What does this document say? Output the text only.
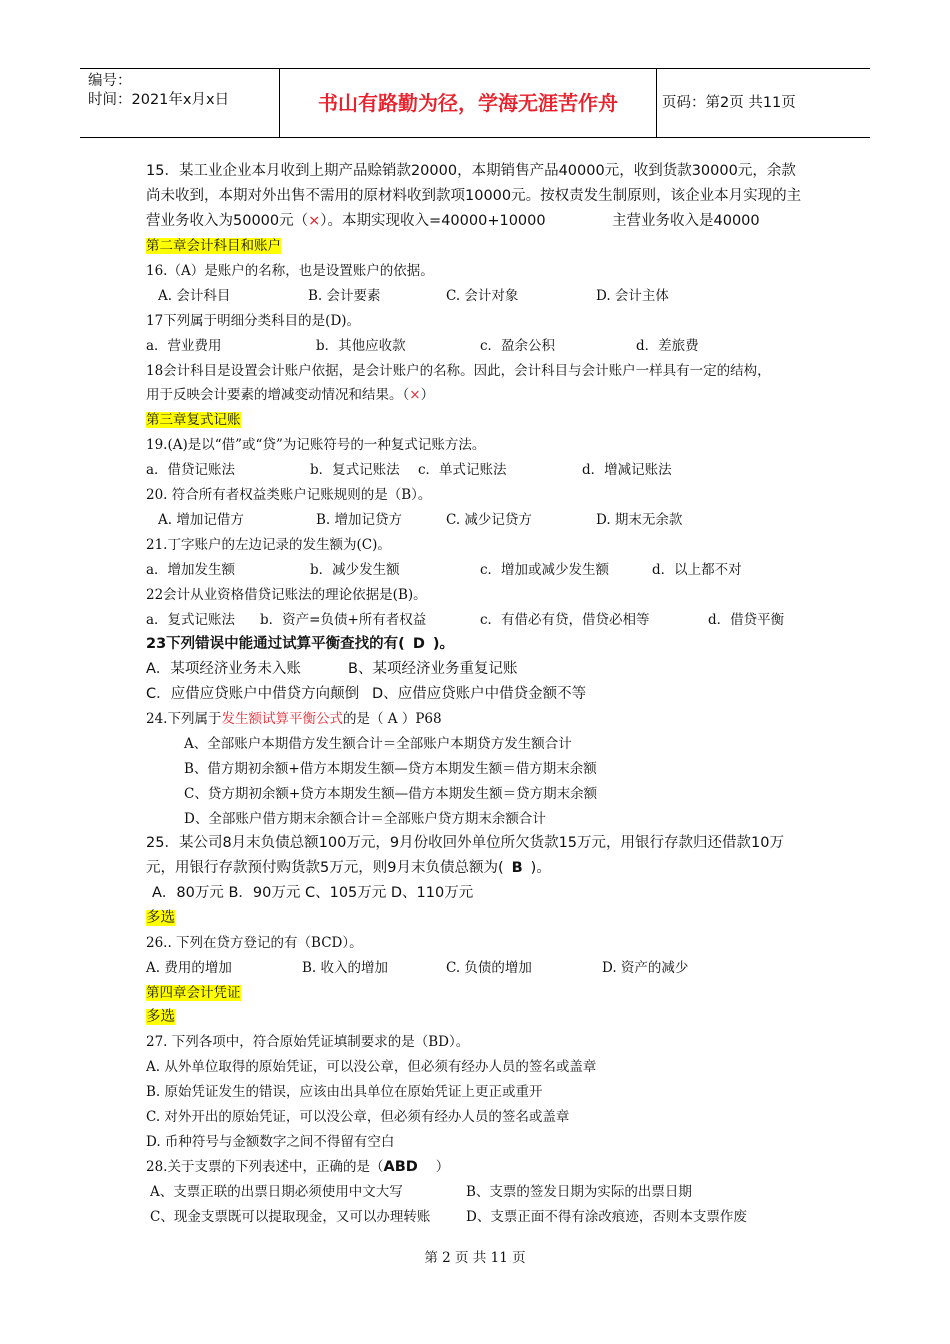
编号：
时间：2021年x月x日	书山有路勤为径，学海无涯苦作舟	页码：第2页 共11页
15．某工业企业本月收到上期产品赊销款20000，本期销售产品40000元，收到货款30000元，余款
尚未收到，本期对外出售不需用的原材料收到款项10000元。按权责发生制原则，该企业本月实现的主
营业务收入为50000元（×）。本期实现收入=40000+10000	主营业务收入是40000
第二章会计科目和账户
16.（A）是账户的名称，也是设置账户的依据。
A. 会计科目	B. 会计要素	C. 会计对象	D. 会计主体
17下列属于明细分类科目的是(D)。
a．营业费用	b．其他应收款	c．盈余公积	d．差旅费
18会计科目是设置会计账户依据，是会计账户的名称。因此，会计科目与会计账户一样具有一定的结构，
用于反映会计要素的增减变动情况和结果。（×）
第三章复式记账
19.(A)是以“借”或“贷”为记账符号的一种复式记账方法。
a．借贷记账法	b．复式记账法 c．单式记账法	d．增减记账法
20. 符合所有者权益类账户记账规则的是（B）。
A. 增加记借方	B. 增加记贷方	C. 减少记贷方	D. 期末无余款
21.丁字账户的左边记录的发生额为(C)。
a．增加发生额	b．减少发生额	c．增加或减少发生额	d．以上都不对
22会计从业资格借贷记账法的理论依据是(B)。
a．复式记账法 b．资产=负债+所有者权益	c．有借必有贷，借贷必相等	d．借贷平衡
23下列错误中能通过试算平衡查找的有( D )。
A．某项经济业务未入账	B、某项经济业务重复记账
C．应借应贷账户中借贷方向颠倒 D、应借应贷账户中借贷金额不等
24.下列属于发生额试算平衡公式的是（ A ）P68
A、全部账户本期借方发生额合计＝全部账户本期贷方发生额合计
B、借方期初余额+借方本期发生额—贷方本期发生额＝借方期末余额
C、贷方期初余额+贷方本期发生额—借方本期发生额＝贷方期末余额
D、全部账户借方期末余额合计＝全部账户贷方期末余额合计
25．某公司8月末负债总额100万元，9月份收回外单位所欠货款15万元，用银行存款归还借款10万
元，用银行存款预付购货款5万元，则9月末负债总额为( B )。
A．80万元 B．90万元 C、105万元 D、110万元
多选
26.. 下列在贷方登记的有（BCD）。
A. 费用的增加	B. 收入的增加	C. 负债的增加	D. 资产的减少
第四章会计凭证
多选
27. 下列各项中，符合原始凭证填制要求的是（BD）。
A. 从外单位取得的原始凭证，可以没公章，但必须有经办人员的签名或盖章
B. 原始凭证发生的错误，应该由出具单位在原始凭证上更正或重开
C. 对外开出的原始凭证，可以没公章，但必须有经办人员的签名或盖章
D. 币种符号与金额数字之间不得留有空白
28.关于支票的下列表述中，正确的是（ABD ）
A、支票正联的出票日期必须使用中文大写	B、支票的签发日期为实际的出票日期
C、现金支票既可以提取现金，又可以办理转账	D、支票正面不得有涂改痕迹，否则本支票作废
第 2 页 共 11 页
